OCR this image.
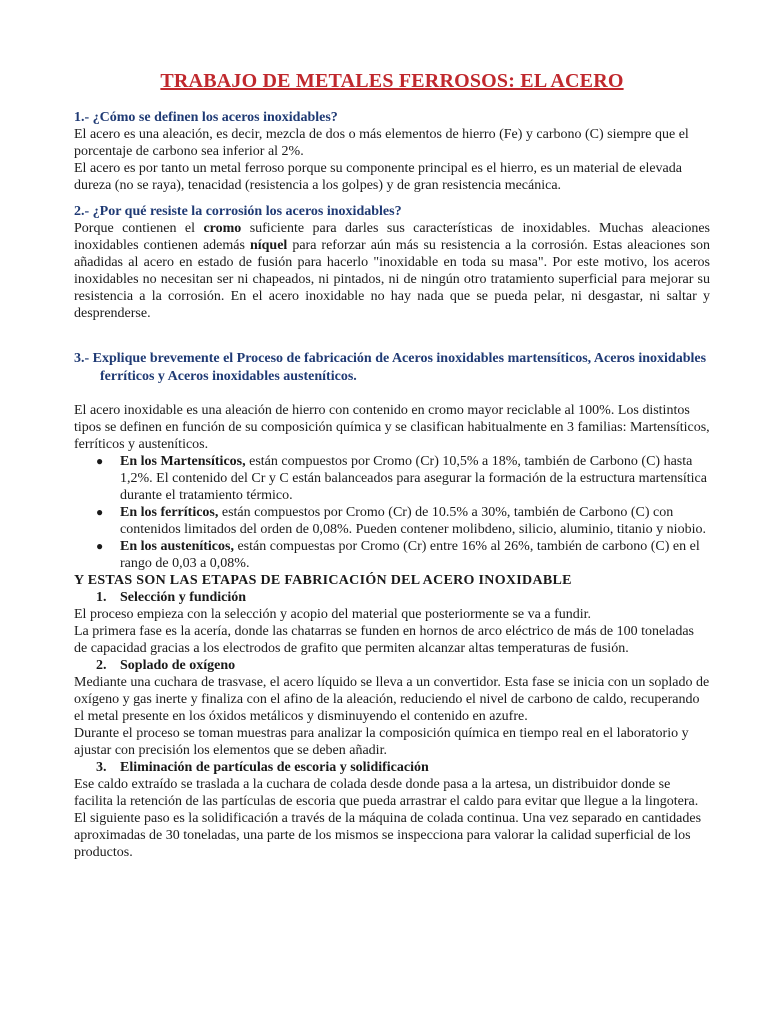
TRABAJO DE METALES FERROSOS: EL ACERO
1.- ¿Cómo se definen los aceros inoxidables?

El acero es una aleación, es decir, mezcla de dos o más elementos de hierro (Fe) y carbono (C) siempre que el porcentaje de carbono sea inferior al 2%.

El acero es por tanto un metal ferroso porque su componente principal es el hierro, es un material de elevada dureza (no se raya), tenacidad (resistencia a los golpes) y de gran resistencia mecánica.

2.- ¿Por qué resiste la corrosión los aceros inoxidables?

Porque contienen el cromo suficiente para darles sus características de inoxidables. Muchas aleaciones inoxidables contienen además níquel para reforzar aún más su resistencia a la corrosión. Estas aleaciones son añadidas al acero en estado de fusión para hacerlo "inoxidable en toda su masa". Por este motivo, los aceros inoxidables no necesitan ser ni chapeados, ni pintados, ni de ningún otro tratamiento superficial para mejorar su resistencia a la corrosión. En el acero inoxidable no hay nada que se pueda pelar, ni desgastar, ni saltar y desprenderse.

3.- Explique brevemente el Proceso de fabricación de Aceros inoxidables martensíticos, Aceros inoxidables ferríticos y Aceros inoxidables austeníticos.

El acero inoxidable es una aleación de hierro con contenido en cromo mayor reciclable al 100%. Los distintos tipos se definen en función de su composición química y se clasifican habitualmente en 3 familias: Martensíticos, ferríticos y austeníticos.

● En los Martensíticos, están compuestos por Cromo (Cr) 10,5% a 18%, también de Carbono (C) hasta 1,2%. El contenido del Cr y C están balanceados para asegurar la formación de la estructura martensítica durante el tratamiento térmico.
● En los ferríticos, están compuestos por Cromo (Cr) de 10.5% a 30%, también de Carbono (C) con contenidos limitados del orden de 0,08%. Pueden contener molibdeno, silicio, aluminio, titanio y niobio.
● En los austeníticos, están compuestas por Cromo (Cr) entre 16% al 26%, también de carbono (C) en el rango de 0,03 a 0,08%.
Y ESTAS SON LAS ETAPAS DE FABRICACIÓN DEL ACERO INOXIDABLE
1. Selección y fundición

El proceso empieza con la selección y acopio del material que posteriormente se va a fundir.

La primera fase es la acería, donde las chatarras se funden en hornos de arco eléctrico de más de 100 toneladas de capacidad gracias a los electrodos de grafito que permiten alcanzar altas temperaturas de fusión.

2. Soplado de oxígeno

Mediante una cuchara de trasvase, el acero líquido se lleva a un convertidor. Esta fase se inicia con un soplado de oxígeno y gas inerte y finaliza con el afino de la aleación, reduciendo el nivel de carbono de caldo, recuperando el metal presente en los óxidos metálicos y disminuyendo el contenido en azufre.

Durante el proceso se toman muestras para analizar la composición química en tiempo real en el laboratorio y ajustar con precisión los elementos que se deben añadir.

3. Eliminación de partículas de escoria y solidificación

Ese caldo extraído se traslada a la cuchara de colada desde donde pasa a la artesa, un distribuidor donde se facilita la retención de las partículas de escoria que pueda arrastrar el caldo para evitar que llegue a la lingotera.

El siguiente paso es la solidificación a través de la máquina de colada continua. Una vez separado en cantidades aproximadas de 30 toneladas, una parte de los mismos se inspecciona para valorar la calidad superficial de los productos.
